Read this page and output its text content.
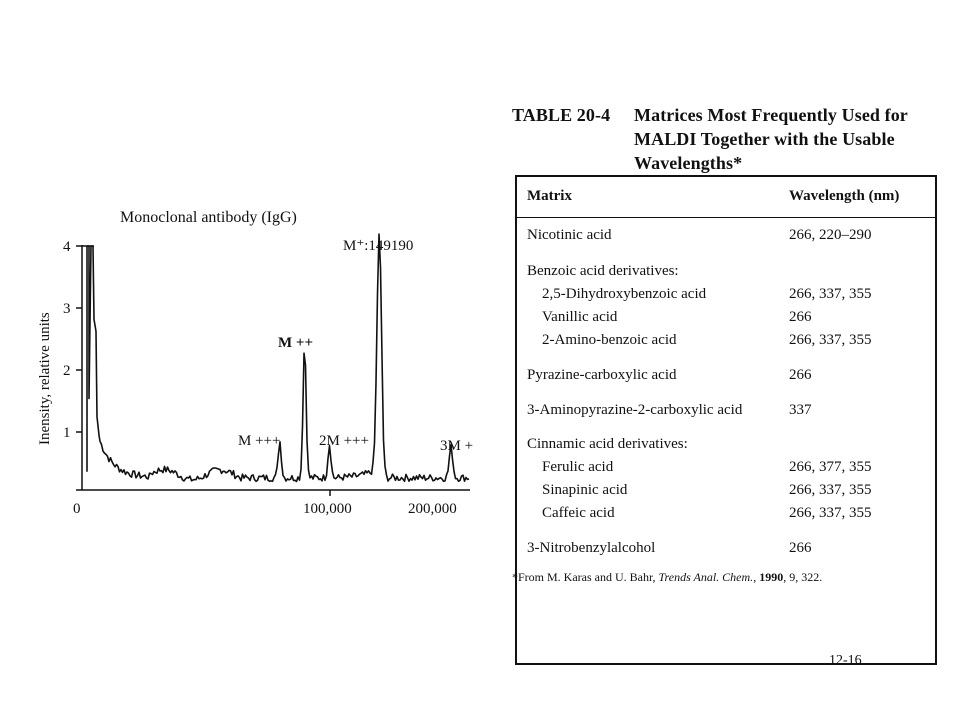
Monoclonal antibody (IgG)
1
2
3
4
0	100,000	200,000
Inensity, relative units
M⁺:149190
M ++
M +++	2M +++	3M +
TABLE 20-4	Matrices Most Frequently Used for MALDI Together with the Usable Wavelengths*
Matrix	Wavelength (nm)
Nicotinic acid	266, 220–290
Benzoic acid derivatives:
2,5-Dihydroxybenzoic acid	266, 337, 355
Vanillic acid	266
2-Amino-benzoic acid	266, 337, 355
Pyrazine-carboxylic acid	266
3-Aminopyrazine-2-carboxylic acid	337
Cinnamic acid derivatives:
Ferulic acid	266, 377, 355
Sinapinic acid	266, 337, 355
Caffeic acid	266, 337, 355
3-Nitrobenzylalcohol	266
*From M. Karas and U. Bahr, Trends Anal. Chem., 1990, 9, 322.
12-16
